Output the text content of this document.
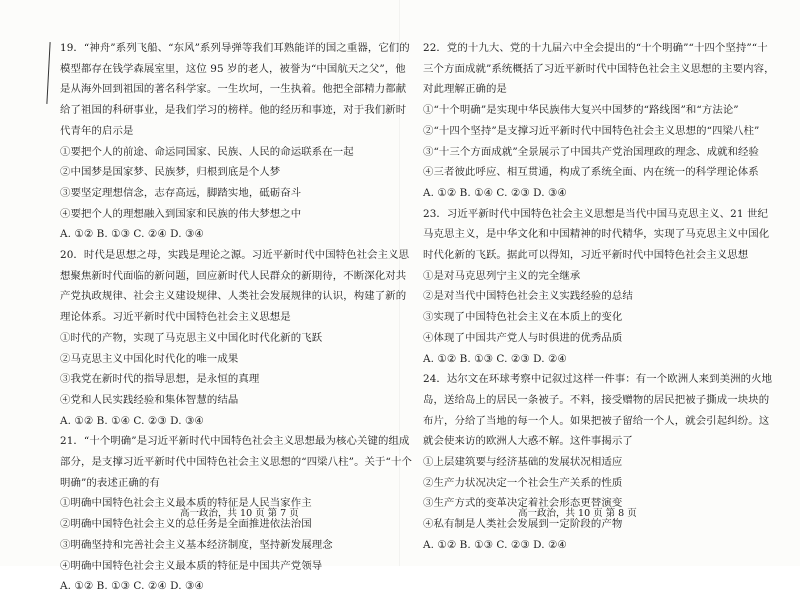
19．“神舟”系列飞船、“东风”系列导弹等我们耳熟能详的国之重器，它们的模型都存在钱学森展室里，这位 95 岁的老人，被誉为“中国航天之父”，他是从海外回到祖国的著名科学家。一生坎坷，一生执着。他把全部精力都献给了祖国的科研事业，是我们学习的榜样。他的经历和事迹，对于我们新时代青年的启示是

①要把个人的前途、命运同国家、民族、人民的命运联系在一起

②中国梦是国家梦、民族梦，归根到底是个人梦

③要坚定理想信念，志存高远，脚踏实地，砥砺奋斗

④要把个人的理想融入到国家和民族的伟大梦想之中

A. ①② B. ①③ C. ②④ D. ③④

20．时代是思想之母，实践是理论之源。习近平新时代中国特色社会主义思想聚焦新时代面临的新问题，回应新时代人民群众的新期待，不断深化对共产党执政规律、社会主义建设规律、人类社会发展规律的认识，构建了新的理论体系。习近平新时代中国特色社会主义思想是

①时代的产物，实现了马克思主义中国化时代化新的飞跃

②马克思主义中国化时代化的唯一成果

③我党在新时代的指导思想，是永恒的真理

④党和人民实践经验和集体智慧的结晶

A. ①② B. ①④ C. ②③ D. ③④

21．“十个明确”是习近平新时代中国特色社会主义思想最为核心关键的组成部分，是支撑习近平新时代中国特色社会主义思想的“四梁八柱”。关于“十个明确”的表述正确的有

①明确中国特色社会主义最本质的特征是人民当家作主

②明确中国特色社会主义的总任务是全面推进依法治国

③明确坚持和完善社会主义基本经济制度，坚持新发展理念

④明确中国特色社会主义最本质的特征是中国共产党领导

A. ①② B. ①③ C. ②④ D. ③④

22．党的十九大、党的十九届六中全会提出的“十个明确”“十四个坚持”“十三个方面成就”系统概括了习近平新时代中国特色社会主义思想的主要内容，对此理解正确的是

①“十个明确”是实现中华民族伟大复兴中国梦的“路线图”和“方法论”

②“十四个坚持”是支撑习近平新时代中国特色社会主义思想的“四梁八柱”

③“十三个方面成就”全景展示了中国共产党治国理政的理念、成就和经验

④三者彼此呼应、相互贯通，构成了系统全面、内在统一的科学理论体系

A. ①② B. ①④ C. ②③ D. ③④

23．习近平新时代中国特色社会主义思想是当代中国马克思主义、21 世纪马克思主义，是中华文化和中国精神的时代精华，实现了马克思主义中国化时代化新的飞跃。据此可以得知，习近平新时代中国特色社会主义思想

①是对马克思列宁主义的完全继承

②是对当代中国特色社会主义实践经验的总结

③实现了中国特色社会主义在本质上的变化

④体现了中国共产党人与时俱进的优秀品质

A. ①② B. ①③ C. ②③ D. ②④

24．达尔文在环球考察中记叙过这样一件事：有一个欧洲人来到美洲的火地岛，送给岛上的居民一条被子。不料，接受赠物的居民把被子撕成一块块的布片，分给了当地的每一个人。如果把被子留给一个人，就会引起纠纷。这就会使来访的欧洲人大惑不解。这件事揭示了

①上层建筑要与经济基础的发展状况相适应

②生产力状况决定一个社会生产关系的性质

③生产方式的变革决定着社会形态更替演变

④私有制是人类社会发展到一定阶段的产物

A. ①② B. ①③ C. ②③ D. ②④

高一政治，共 10 页 第 7 页	高一政治，共 10 页 第 8 页
